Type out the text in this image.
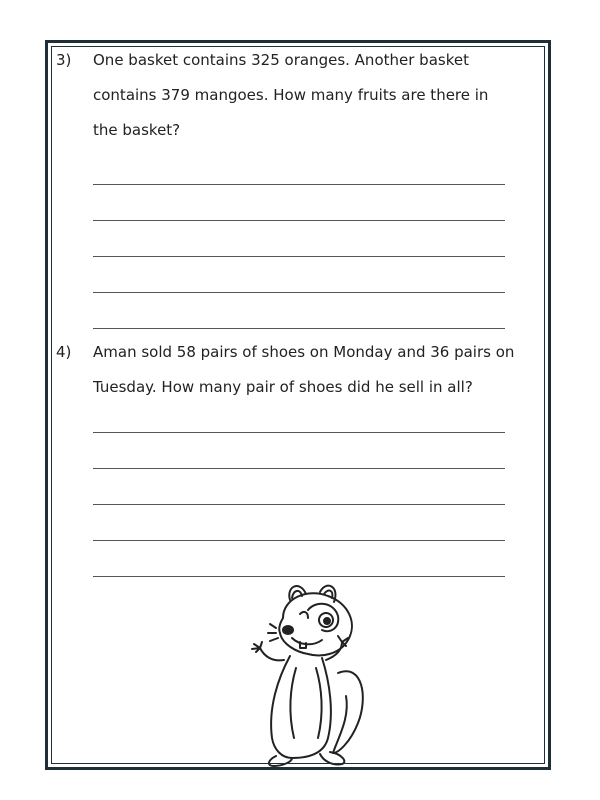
3) One basket contains 325 oranges. Another basket
contains 379 mangoes. How many fruits are there in
the basket?
4) Aman sold 58 pairs of shoes on Monday and 36 pairs on
Tuesday. How many pair of shoes did he sell in all?
